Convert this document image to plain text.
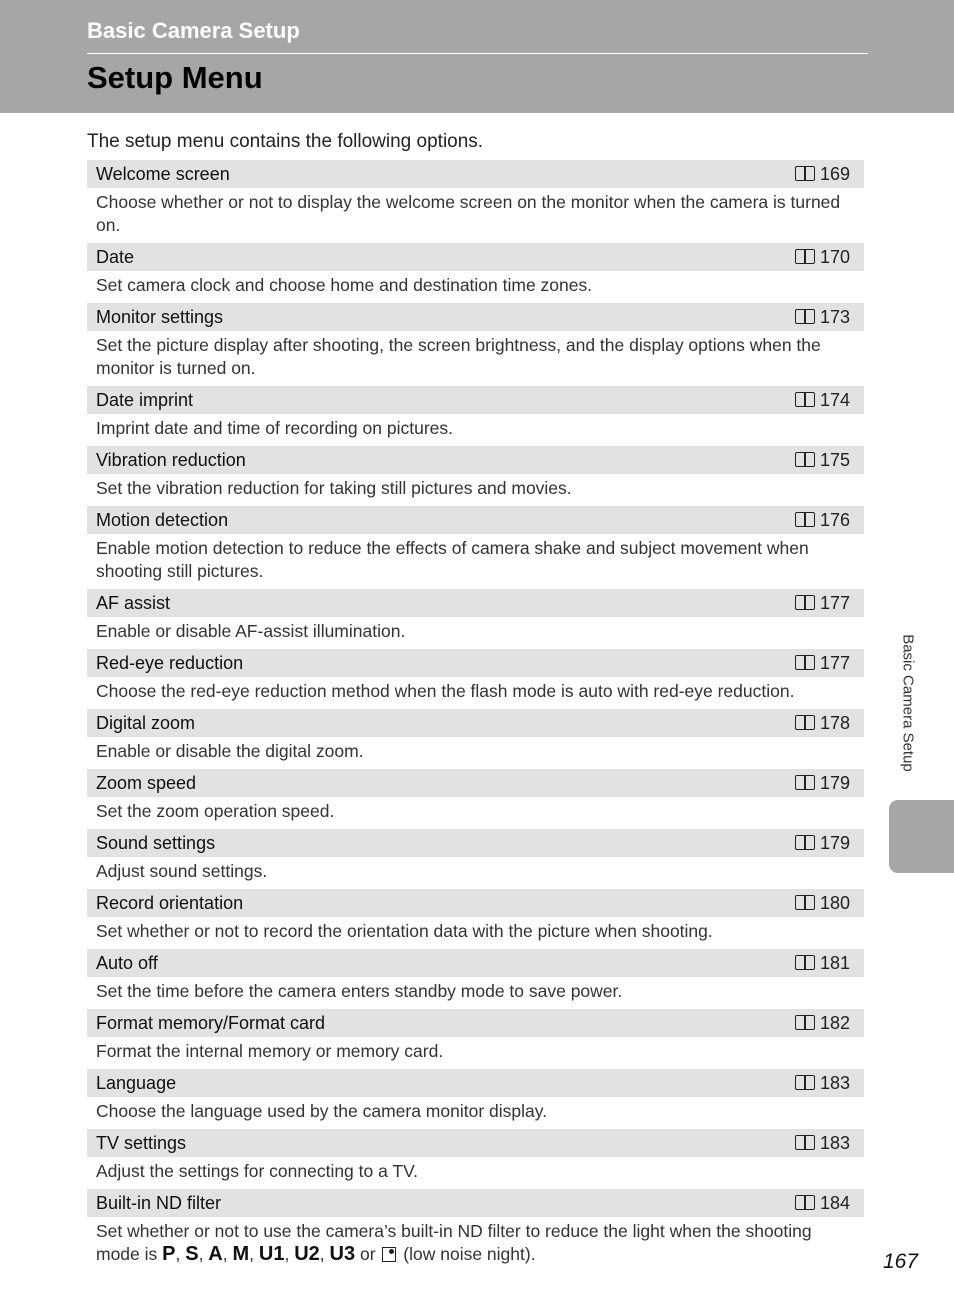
Basic Camera Setup
Setup Menu
The setup menu contains the following options.
Welcome screen	169
Choose whether or not to display the welcome screen on the monitor when the camera is turned on.
Date	170
Set camera clock and choose home and destination time zones.
Monitor settings	173
Set the picture display after shooting, the screen brightness, and the display options when the monitor is turned on.
Date imprint	174
Imprint date and time of recording on pictures.
Vibration reduction	175
Set the vibration reduction for taking still pictures and movies.
Motion detection	176
Enable motion detection to reduce the effects of camera shake and subject movement when shooting still pictures.
AF assist	177
Enable or disable AF-assist illumination.
Red-eye reduction	177
Choose the red-eye reduction method when the flash mode is auto with red-eye reduction.
Digital zoom	178
Enable or disable the digital zoom.
Zoom speed	179
Set the zoom operation speed.
Sound settings	179
Adjust sound settings.
Record orientation	180
Set whether or not to record the orientation data with the picture when shooting.
Auto off	181
Set the time before the camera enters standby mode to save power.
Format memory/Format card	182
Format the internal memory or memory card.
Language	183
Choose the language used by the camera monitor display.
TV settings	183
Adjust the settings for connecting to a TV.
Built-in ND filter	184
Set whether or not to use the camera’s built-in ND filter to reduce the light when the shooting mode is P, S, A, M, U1, U2, U3 or (low noise night).
Basic Camera Setup
167
